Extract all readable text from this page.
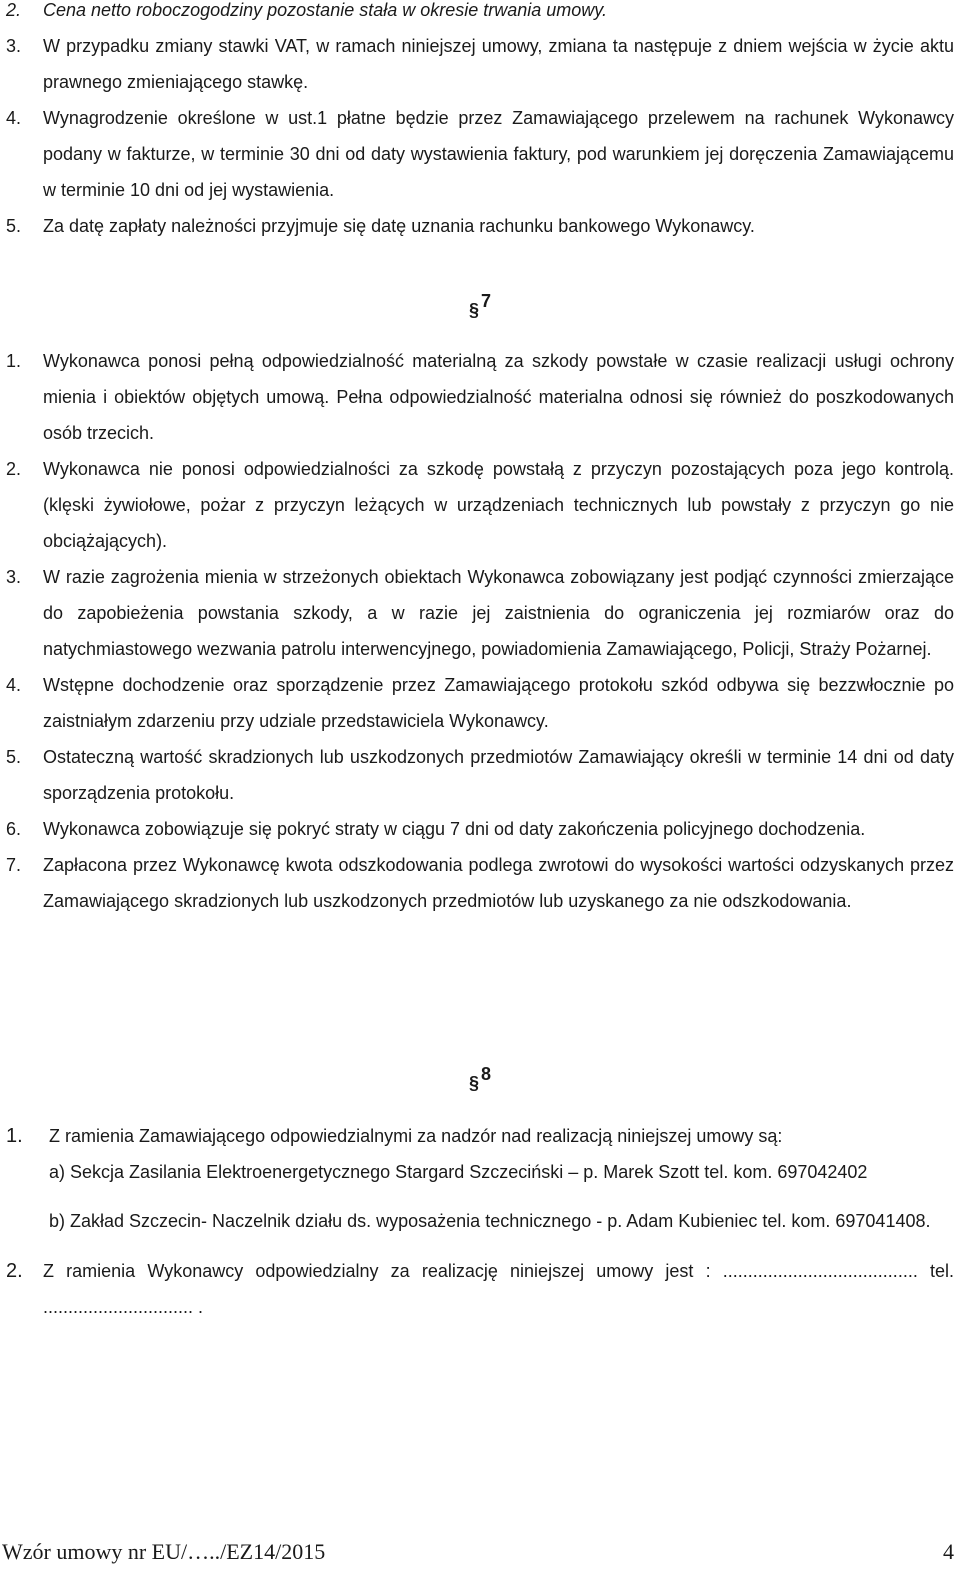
2. Cena netto roboczogodziny pozostanie stała w okresie trwania umowy.
3. W przypadku zmiany stawki VAT, w ramach niniejszej umowy, zmiana ta następuje z dniem wejścia w życie aktu prawnego zmieniającego stawkę.
4. Wynagrodzenie określone w ust.1 płatne będzie przez Zamawiającego przelewem na rachunek Wykonawcy podany w fakturze, w terminie 30 dni od daty wystawienia faktury, pod warunkiem jej doręczenia Zamawiającemu w terminie 10 dni od jej wystawienia.
5. Za datę zapłaty należności przyjmuje się datę uznania rachunku bankowego Wykonawcy.
§ 7
1. Wykonawca ponosi pełną odpowiedzialność materialną za szkody powstałe w czasie realizacji usługi ochrony mienia i obiektów objętych umową. Pełna odpowiedzialność materialna odnosi się również do poszkodowanych osób trzecich.
2. Wykonawca nie ponosi odpowiedzialności za szkodę powstałą z przyczyn pozostających poza jego kontrolą. (klęski żywiołowe, pożar z przyczyn leżących w urządzeniach technicznych lub powstały z przyczyn go nie obciążających).
3. W razie zagrożenia mienia w strzeżonych obiektach Wykonawca zobowiązany jest podjąć czynności zmierzające do zapobieżenia powstania szkody, a w razie jej zaistnienia do ograniczenia jej rozmiarów oraz do natychmiastowego wezwania patrolu interwencyjnego, powiadomienia Zamawiającego, Policji, Straży Pożarnej.
4. Wstępne dochodzenie oraz sporządzenie przez Zamawiającego protokołu szkód odbywa się bezzwłocznie po zaistniałym zdarzeniu przy udziale przedstawiciela Wykonawcy.
5. Ostateczną wartość skradzionych lub uszkodzonych przedmiotów Zamawiający określi w terminie 14 dni od daty sporządzenia protokołu.
6. Wykonawca zobowiązuje się pokryć straty w ciągu 7 dni od daty zakończenia policyjnego dochodzenia.
7. Zapłacona przez Wykonawcę kwota odszkodowania podlega zwrotowi do wysokości wartości odzyskanych przez Zamawiającego skradzionych lub uszkodzonych przedmiotów lub uzyskanego za nie odszkodowania.
§ 8
1. Z ramienia Zamawiającego odpowiedzialnymi za nadzór nad realizacją niniejszej umowy są:
a) Sekcja Zasilania Elektroenergetycznego Stargard Szczeciński – p. Marek Szott tel. kom. 697042402
b) Zakład Szczecin- Naczelnik działu ds. wyposażenia technicznego - p. Adam Kubieniec tel. kom. 697041408.
2. Z ramienia Wykonawcy odpowiedzialny za realizację niniejszej umowy jest : ....................................... tel. .............................. .
Wzór umowy nr EU/…../EZ14/2015	4
